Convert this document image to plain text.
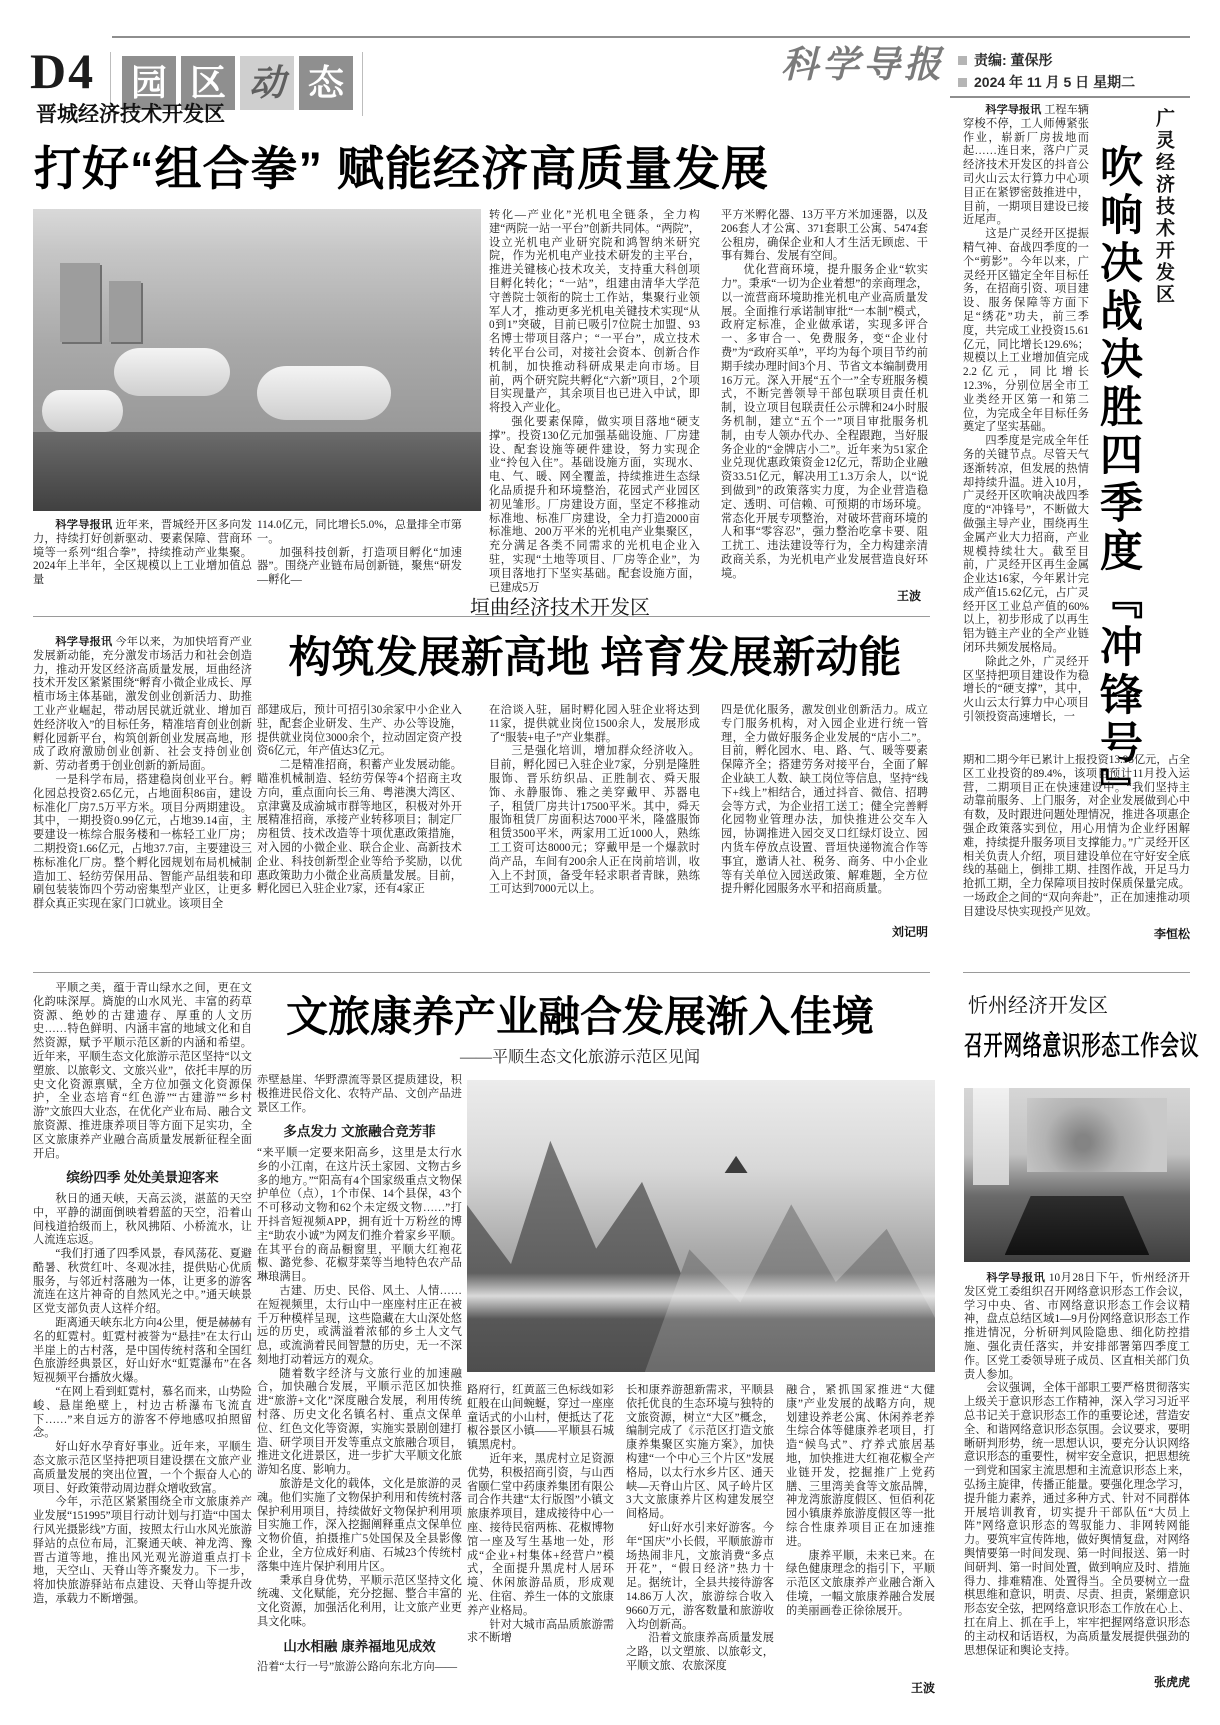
D4 园 区 动 态	科学导报	责编: 董保彤
2024 年 11 月 5 日 星期二
晋城经济技术开发区
打好“组合拳” 赋能经济高质量发展

科学导报讯 近年来，晋城经开区多向发力，持续打好创新驱动、要素保障、营商环境等一系列“组合拳”，持续推动产业集聚。2024年上半年，全区规模以上工业增加值总量

114.0亿元，同比增长5.0%，总量排全市第一。

加强科技创新，打造项目孵化“加速器”。围绕产业链布局创新链，聚焦“研发—孵化—

转化—产业化”光机电全链条，全力构建“两院一站一平台”创新共同体。“两院”，设立光机电产业研究院和鸿智纳米研究院，作为光机电产业技术研发的主平台，推进关键核心技术攻关，支持重大科创项目孵化转化；“一站”，组建由清华大学范守善院士领衔的院士工作站，集聚行业领军人才，推动更多光机电关键技术实现“从0到1”突破，目前已吸引7位院士加盟、93名博士带项目落户；“一平台”，成立技术转化平台公司，对接社会资本、创新合作机制，加快推动科研成果走向市场。目前，两个研究院共孵化“六新”项目，2个项目实现量产，其余项目也已进入中试，即将投入产业化。

强化要素保障，做实项目落地“硬支撑”。投资130亿元加强基础设施、厂房建设、配套设施等硬件建设，努力实现企业“拎包入住”。基础设施方面，实现水、电、气、暖、网全覆盖，持续推进生态绿化品质提升和环境整治，花园式产业园区初见雏形。厂房建设方面，坚定不移推动标准地、标准厂房建设，全力打造2000亩标准地、200万平米的光机电产业集聚区，充分满足各类不同需求的光机电企业入驻，实现“土地等项目、厂房等企业”，为项目落地打下坚实基础。配套设施方面，已建成5万

平方米孵化器、13万平方米加速器，以及206套人才公寓、371套职工公寓、5474套公租房，确保企业和人才生活无顾虑、干事有舞台、发展有空间。

优化营商环境，提升服务企业“软实力”。秉承“一切为企业着想”的亲商理念，以一流营商环境助推光机电产业高质量发展。全面推行承诺制审批“一本制”模式，政府定标准，企业做承诺，实现多评合一、多审合一、免费服务，变“企业付费”为“政府买单”，平均为每个项目节约前期手续办理时间3个月、节省文本编制费用16万元。深入开展“五个一”全专班服务模式，不断完善领导干部包联项目责任机制，设立项目包联责任公示牌和24小时服务机制，建立“五个一”项目审批服务机制，由专人领办代办、全程跟跑，当好服务企业的“金牌店小二”。近年来为51家企业兑现优惠政策资金12亿元，帮助企业融资33.51亿元，解决用工1.3万余人，以“说到做到”的政策落实力度，为企业营造稳定、透明、可信赖、可预期的市场环境。常态化开展专项整治，对破坏营商环境的人和事“零容忍”，强力整治吃拿卡要、阻工扰工、违法建设等行为，全力构建亲清政商关系，为光机电产业发展营造良好环境。

王波

科学导报讯 工程车辆穿梭不停，工人师傅紧张作业，崭新厂房拔地而起……连日来，落户广灵经济技术开发区的抖音公司火山云太行算力中心项目正在紧锣密鼓推进中，目前，一期项目建设已接近尾声。

这是广灵经开区提振精气神、奋战四季度的一个“剪影”。今年以来，广灵经开区锚定全年目标任务，在招商引资、项目建设、服务保障等方面下足“绣花”功夫，前三季度，共完成工业投资15.61亿元，同比增长129.6%；规模以上工业增加值完成2.2亿元，同比增长12.3%，分别位居全市工业类经开区第一和第二位，为完成全年目标任务奠定了坚实基础。

四季度是完成全年任务的关键节点。尽管天气逐渐转凉，但发展的热情却持续升温。进入10月，广灵经开区吹响决战四季度的“冲锋号”，不断做大做强主导产业，围绕再生金属产业大力招商，产业规模持续壮大。截至目前，广灵经开区再生金属企业达16家，今年累计完成产值15.62亿元，占广灵经开区工业总产值的60%以上，初步形成了以再生铝为链主产业的全产业链闭环共频发展格局。

除此之外，广灵经开区坚持把项目建设作为稳增长的“硬支撑”，其中，火山云太行算力中心项目引领投资高速增长，一 吹响决战决胜四季度『冲锋号』 广灵经济技术开发区

期和二期今年已累计上报投资13.95亿元，占全区工业投资的89.4%，该项目预计11月投入运营，二期项目正在快速建设中。“我们坚持主动靠前服务、上门服务，对企业发展做到心中有数，及时跟进问题处理情况，推进各项惠企强企政策落实到位，用心用情为企业纾困解难，持续提升服务项目支撑能力。”广灵经开区相关负责人介绍，项目建设单位在守好安全底线的基础上，倒排工期、挂图作战，开足马力抢抓工期，全力保障项目按时保质保量完成。一场政企之间的“双向奔赴”，正在加速推动项目建设尽快实现投产见效。

李恒松
垣曲经济技术开发区
构筑发展新高地 培育发展新动能

科学导报讯 今年以来，为加快培育产业发展新动能，充分激发市场活力和社会创造力，推动开发区经济高质量发展，垣曲经济技术开发区紧紧围绕“孵育小微企业成长、厚植市场主体基础，激发创业创新活力、助推工业产业崛起，带动居民就近就业、增加百姓经济收入”的目标任务，精准培育创业创新孵化园新平台，构筑创新创业发展高地，形成了政府激励创业创新、社会支持创业创新、劳动者勇于创业创新的新局面。

一是科学布局，搭建稳岗创业平台。孵化园总投资2.65亿元，占地面积86亩，建设标准化厂房7.5万平方米。项目分两期建设。其中，一期投资0.99亿元，占地39.14亩，主要建设一栋综合服务楼和一栋轻工业厂房；二期投资1.66亿元，占地37.7亩，主要建设三栋标准化厂房。整个孵化园规划布局机械制造加工、轻纺劳保用品、智能产品组装和印刷包装装饰四个劳动密集型产业区，让更多群众真正实现在家门口就业。该项目全

部建成后，预计可招引30余家中小企业入驻，配套企业研发、生产、办公等设施，提供就业岗位3000余个，拉动固定资产投资6亿元，年产值达3亿元。

二是精准招商，积蓄产业发展动能。瞄准机械制造、轻纺劳保等4个招商主攻方向，重点面向长三角、粤港澳大湾区、京津冀及成渝城市群等地区，积极对外开展精准招商，承接产业转移项目；制定厂房租赁、技术改造等十项优惠政策措施，对入园的小微企业、联合企业、高新技术企业、科技创新型企业等给予奖励，以优惠政策助力小微企业高质量发展。目前，孵化园已入驻企业7家，还有4家正

在洽谈入驻，届时孵化园入驻企业将达到11家，提供就业岗位1500余人，发展形成了“服装+电子”产业集群。

三是强化培训，增加群众经济收入。目前，孵化园已入驻企业7家，分别是隆胜服饰、晋乐纺织品、正胜制衣、舜天服饰、永静服饰、雅之美穿戴甲、苏器电子，租赁厂房共计17500平米。其中，舜天服饰租赁厂房面积达7000平米，隆盛服饰租赁3500平米，两家用工近1000人，熟练工工资可达8000元；穿戴甲是一个爆款时尚产品，车间有200余人正在岗前培训，收入上不封顶，备受年轻求职者青睐，熟练工可达到7000元以上。

四是优化服务，激发创业创新活力。成立专门服务机构，对入园企业进行统一管理，全力做好服务企业发展的“店小二”。目前，孵化园水、电、路、气、暖等要素保障齐全；搭建劳务对接平台，全面了解企业缺工人数、缺工岗位等信息，坚持“线下+线上”相结合，通过抖音、微信、招聘会等方式，为企业招工送工；健全完善孵化园物业管理办法，加快推进公交车入园，协调推进入园交叉口红绿灯设立、园内货车停放点设置、晋垣快递物流合作等事宜，邀请人社、税务、商务、中小企业等有关单位入园送政策、解难题，全方位提升孵化园服务水平和招商质量。

刘记明
文旅康养产业融合发展渐入佳境
——平顺生态文化旅游示范区见闻

平顺之美，蕴于青山绿水之间，更在文化韵味深厚。旖旎的山水风光、丰富的药草资源、绝妙的古建遗存、厚重的人文历史……特色鲜明、内涵丰富的地域文化和自然资源，赋予平顺示范区新的内涵和希望。近年来，平顺生态文化旅游示范区坚持“以文塑旅、以旅彰文、文旅兴业”，依托丰厚的历史文化资源禀赋，全方位加强文化资源保护，全业态培育“红色游”“古建游”“乡村游”文旅四大业态，在优化产业布局、融合文旅资源、推进康养项目等方面下足实功，全区文旅康养产业融合高质量发展新征程全面开启。

缤纷四季 处处美景迎客来

秋日的通天峡，天高云淡，湛蓝的天空中，平静的湖面倒映着碧蓝的天空，沿着山间栈道拾级而上，秋风拂陌、小桥流水，让人流连忘返。

“我们打通了四季风景，春风荡花、夏避酷暑、秋赏红叶、冬观冰挂，提供贴心优质服务，与邻近村落融为一体，让更多的游客流连在这片神奇的自然风光之中。”通天峡景区党支部负责人这样介绍。

距离通天峡东北方向4公里，便是赫赫有名的虹霓村。虹霓村被誉为“悬挂”在太行山半崖上的古村落，是中国传统村落和全国红色旅游经典景区，好山好水“虹霓瀑布”在各短视频平台播放火爆。

“在网上看到虹霓村，慕名而来，山势险峻、悬崖绝壁上，村边古桥瀑布飞流直下……”来自远方的游客不停地感叹拍照留念。

好山好水孕育好事业。近年来，平顺生态文旅示范区坚持把项目建设摆在文旅产业高质量发展的突出位置，一个个振奋人心的项目、好政策带动周边群众增收致富。

今年，示范区紧紧围绕全市文旅康养产业发展“151995”项目行动计划与打造“中国太行风光摄影线”方面，按照太行山水风光旅游驿站的点位布局，汇聚通天峡、神龙湾、豫晋古道等地，推出风光观光游道重点打卡地，天空山、天脊山等齐聚发力。下一步，将加快旅游驿站布点建设、天脊山等提升改造，承载力不断增强。

赤壁悬崖、华野漂流等景区提质建设，积极推进民俗文化、农特产品、文创产品进景区工作。

多点发力 文旅融合竞芳菲

“来平顺一定要来阳高乡，这里是太行水乡的小江南，在这片沃土家园、文物古乡多的地方。”“阳高有4个国家级重点文物保护单位（点），1个市保、14个县保，43个不可移动文物和62个未定级文物……”打开抖音短视频APP，拥有近十万粉丝的博主“助农小诚”为网友们推介着家乡平顺。在其平台的商品橱窗里，平顺大红袍花椒、潞党参、花椒芽菜等当地特色农产品琳琅满目。

古建、历史、民俗、风土、人情……在短视频里，太行山中一座座村庄正在被千万种模样呈现，这些隐藏在大山深处悠远的历史，或满溢着浓郁的乡土人文气息，或流淌着民间智慧的历史，无一不深刻地打动着远方的观众。

随着数字经济与文旅行业的加速融合，加快融合发展，平顺示范区加快推进“旅游+文化”深度融合发展，利用传统村落、历史文化名镇名村、重点文保单位、红色文化等资源，实施实景剧创建打造、研学项目开发等重点文旅融合项目，推进文化进景区，进一步扩大平顺文化旅游知名度、影响力。

旅游是文化的载体，文化是旅游的灵魂。他们实施了文物保护利用和传统村落保护利用项目，持续做好文物保护利用项目实施工作，深入挖掘阐释重点文保单位文物价值，拍摄推广5处国保及全县影像企业，全方位成好利庙、石城23个传统村落集中连片保护利用片区。

秉承自身优势，平顺示范区坚持文化统魂、文化赋能，充分挖掘、整合丰富的文化资源，加强活化利用，让文旅产业更具文化味。

山水相融 康养福地见成效

沿着“太行一号”旅游公路向东北方向——

路府行，红黄蓝三色标线如彩虹般在山间蜿蜒，穿过一座座童话式的小山村，便抵达了花椒谷景区小镇——平顺县石城镇黑虎村。

近年来，黑虎村立足资源优势，积极招商引资，与山西省颐仁堂中药康养集团有限公司合作共建“太行版图”小镇文旅康养项目，建成接待中心一座、接待民宿两栋、花椒博物馆一座及写生基地一处，形成“企业+村集体+经营户”模式，全面提升黑虎村人居环境、休闲旅游品质，形成观光、住宿、养生一体的文旅康养产业格局。

针对大城市高品质旅游需求不断增

长和康养游憩新需求，平顺县依托优良的生态环境与独特的文旅资源，树立“大区”概念，编制完成了《示范区打造文旅康养集聚区实施方案》，加快构建“一个中心三个片区”发展格局，以太行水乡片区、通天峡—天脊山片区、风子岭片区3大文旅康养片区构建发展空间格局。

好山好水引来好游客。今年“国庆”小长假，平顺旅游市场热闹非凡，文旅消费“多点开花”，“假日经济”热力十足。据统计，全县共接待游客14.86万人次，旅游综合收入9660万元，游客数量和旅游收入均创新高。

沿着文旅康养高质量发展之路，以文塑旅、以旅彰文，平顺文旅、农旅深度

融合，紧抓国家推进“大健康”产业发展的战略方向，规划建设养老公寓、休闲养老养生综合体等健康养老项目，打造“候鸟式”、疗养式旅居基地，加快推进大红袍花椒全产业链开发，挖掘推广上党药膳、三里湾美食等文旅品牌，神龙湾旅游度假区、恒佰利花园小镇康养旅游度假区等一批综合性康养项目正在加速推进。

康养平顺，未来已来。在绿色健康理念的指引下，平顺示范区文旅康养产业融合渐入佳境，一幅文旅康养融合发展的美丽画卷正徐徐展开。

王波
忻州经济开发区
召开网络意识形态工作会议

科学导报讯 10月28日下午，忻州经济开发区党工委组织召开网络意识形态工作会议，学习中央、省、市网络意识形态工作会议精神，盘点总结区域1—9月份网络意识形态工作推进情况，分析研判风险隐患、细化防控措施、强化责任落实，并安排部署第四季度工作。区党工委领导班子成员、区直相关部门负责人参加。

会议强调，全体干部职工要严格贯彻落实上级关于意识形态工作精神，深入学习习近平总书记关于意识形态工作的重要论述，营造安全、和谐网络意识形态氛围。会议要求，要明晰研判形势，统一思想认识，要充分认识网络意识形态的重要性，树牢安全意识，把思想统一到党和国家主流思想和主流意识形态上来，弘扬主旋律，传播正能量。要强化理念学习，提升能力素养，通过多种方式、针对不同群体开展培训教育，切实提升干部队伍“大员上阵”网络意识形态的驾驭能力、非网转网能力。要筑牢宣传阵地，做好舆情复盘，对网络舆情要第一时间发现、第一时间报送、第一时间研判、第一时间处置，做到响应及时、措施得力、排难精准、处置得当。全员要树立一盘棋思维和意识，明责、尽责、担责，紧绷意识形态安全弦，把网络意识形态工作放在心上、扛在肩上、抓在手上，牢牢把握网络意识形态的主动权和话语权，为高质量发展提供强劲的思想保证和舆论支持。

张虎虎
